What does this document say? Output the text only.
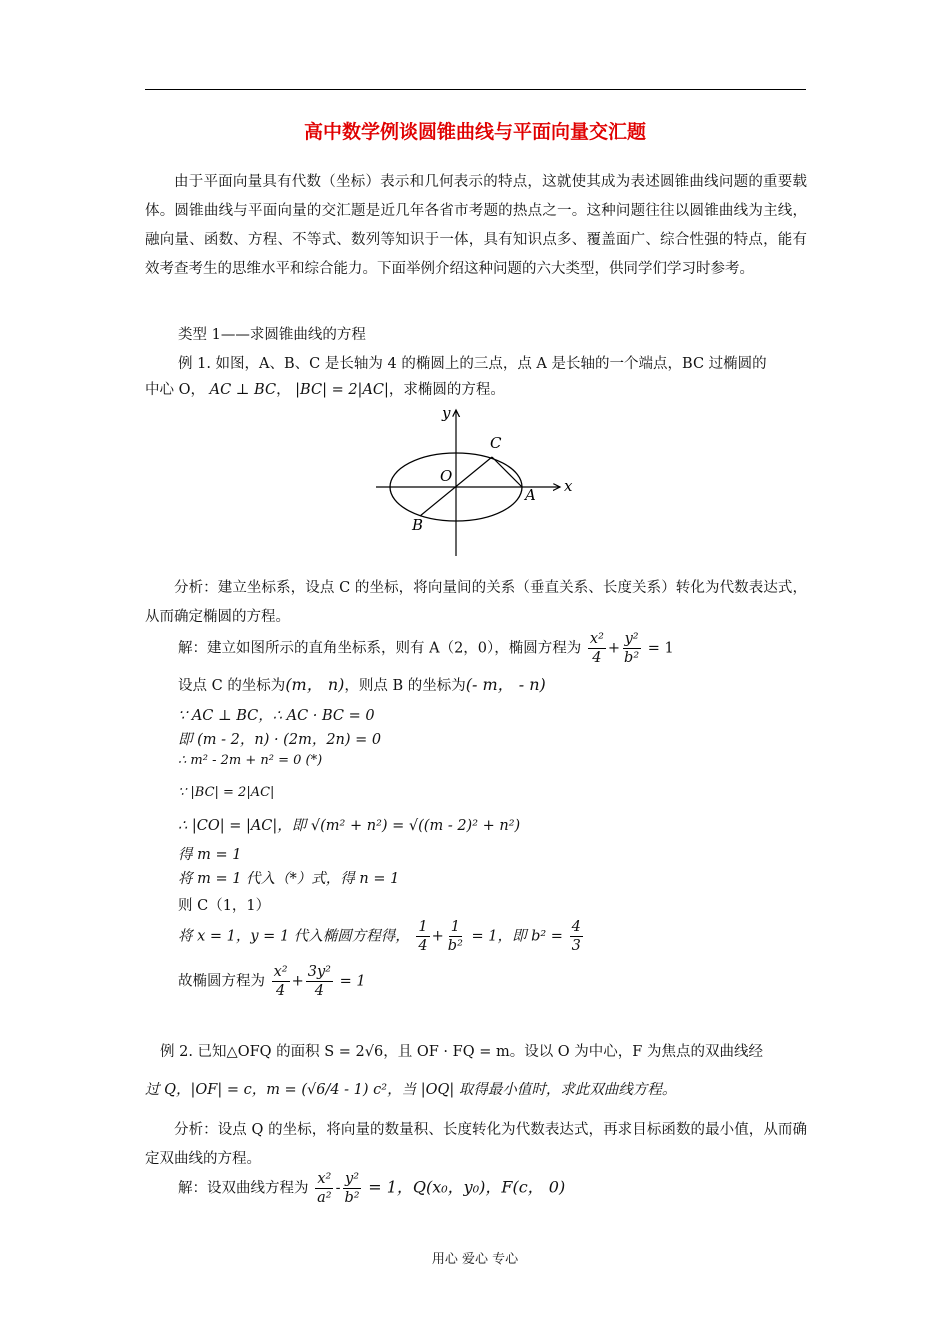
高中数学例谈圆锥曲线与平面向量交汇题
由于平面向量具有代数（坐标）表示和几何表示的特点，这就使其成为表述圆锥曲线问题的重要载体。圆锥曲线与平面向量的交汇题是近几年各省市考题的热点之一。这种问题往往以圆锥曲线为主线，融向量、函数、方程、不等式、数列等知识于一体，具有知识点多、覆盖面广、综合性强的特点，能有效考查考生的思维水平和综合能力。下面举例介绍这种问题的六大类型，供同学们学习时参考。
类型 1——求圆锥曲线的方程
例 1. 如图，A、B、C 是长轴为 4 的椭圆上的三点，点 A 是长轴的一个端点，BC 过椭圆的
中心 O， AC ⊥ BC， |BC| = 2|AC|，求椭圆的方程。
y
x
O
C
A
B
分析：建立坐标系，设点 C 的坐标，将向量间的关系（垂直关系、长度关系）转化为代数表达式，从而确定椭圆的方程。
解：建立如图所示的直角坐标系，则有 A（2，0），椭圆方程为 $\frac{\text{x²}}{4} + \frac{\text{y²}}{\text{b²}} = 1$
设点 C 的坐标为(m， n)，则点 B 的坐标为(- m， - n)
∵ AC ⊥ BC，∴ AC · BC = 0
即 (m - 2，n) · (2m，2n) = 0
∴ m² - 2m + n² = 0 (*)
∵ |BC| = 2|AC|
∴ |CO| = |AC|，即 √(m² + n²) = √((m - 2)² + n²)
得 m = 1
将 m = 1 代入（*）式，得 n = 1
则 C（1，1）
将 x = 1，y = 1 代入椭圆方程得， $\frac{1}{4} + \frac{1}{\text{b²}} = 1$，即 $b^2 = \frac{4}{3}$
故椭圆方程为 $\frac{\text{x²}}{4} + \frac{\text{3y²}}{4} = 1$
例 2. 已知△OFQ 的面积 S = 2√6，且 OF · FQ = m。设以 O 为中心，F 为焦点的双曲线经
过 Q，|OF| = c，m = (√6/4 - 1) c²，当 |OQ| 取得最小值时，求此双曲线方程。
分析：设点 Q 的坐标，将向量的数量积、长度转化为代数表达式，再求目标函数的最小值，从而确定双曲线的方程。
解：设双曲线方程为 $\frac{\text{x²}}{\text{a²}} - \frac{\text{y²}}{\text{b²}} = 1$，Q(x₀，y₀)，F(c， 0)
用心 爱心 专心
